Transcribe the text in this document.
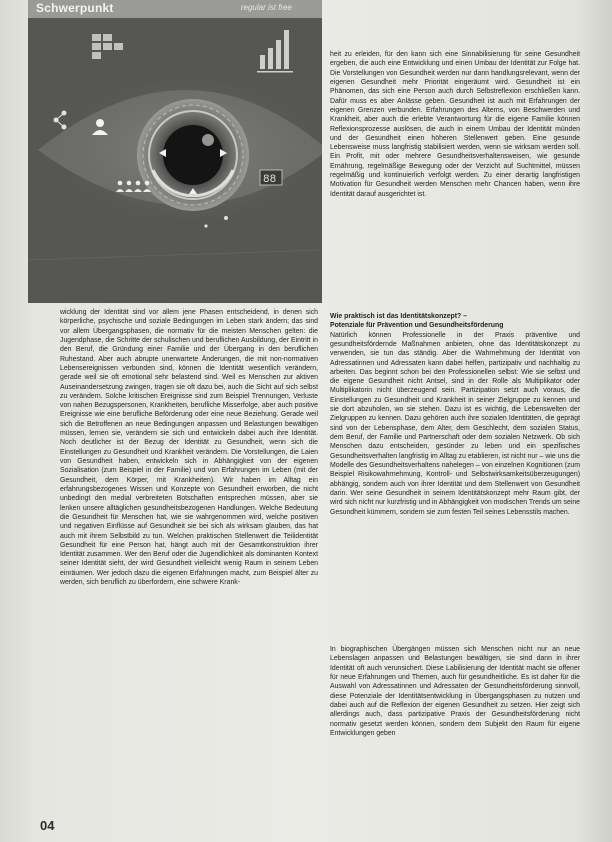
88
Schwerpunkt	regular ist free

heit zu erleiden, für den kann sich eine Sinnabilisierung für seine Gesundheit ergeben, die auch eine Entwicklung und einen Umbau der Identität zur Folge hat. Die Vorstellungen von Gesundheit werden nur dann handlungsrelevant, wenn der eigenen Gesundheit mehr Priorität eingeräumt wird. Gesundheit ist ein Phänomen, das sich eine Person auch durch Selbstreflexion erschließen kann. Dafür muss es aber Anlässe geben. Gesundheit ist auch mit Erfahrungen der eigenen Grenzen verbunden. Erfahrungen des Alterns, von Beschwerden und Krankheit, aber auch die erlebte Verantwortung für die eigene Familie können Reflexionsprozesse auslösen, die auch in einem Umbau der Identität münden und der Gesundheit einen höheren Stellenwert geben. Eine gesunde Lebensweise muss langfristig stabilisiert werden, wenn sie wirksam werden soll. Ein Profit, mit oder mehrere Gesundheitsverhaltensweisen, wie gesunde Ernährung, regelmäßige Bewegung oder der Verzicht auf Suchtmittel, müssen regelmäßig und kontinuierlich verfolgt werden. Zu einer derartig langfristigen Motivation für Gesundheit werden Menschen mehr Chancen haben, wenn ihre Identität darauf ausgerichtet ist.

Wie praktisch ist das Identitätskonzept? –
Potenziale für Prävention und Gesundheitsförderung

Natürlich können Professionelle in der Praxis präventive und gesundheitsfördernde Maßnahmen anbieten, ohne das Identitätskonzept zu verwenden, sie tun das ständig. Aber die Wahrnehmung der Identität von Adressatinnen und Adressaten kann dabei helfen, partizipativ und nachhaltig zu arbeiten. Das beginnt schon bei den Professionellen selbst: Wie sie selbst und die eigene Gesundheit nicht Antsel, sind in der Rolle als Multiplikator oder Multiplikatorin nicht überzeugend sein. Partizipation setzt auch voraus, die Einstellungen zu Gesundheit und Krankheit in seiner Zielgruppe zu kennen und sie dort abzuholen, wo sie stehen. Dazu ist es wichtig, die Lebenswelten der Zielgruppen zu kennen. Dazu gehören auch ihre sozialen Identitäten, die geprägt sind von der Lebensphase, dem Alter, dem Geschlecht, dem sozialen Status, dem Beruf, der Familie und Partnerschaft oder dem sozialen Netzwerk. Ob sich Menschen dazu entscheiden, gesünder zu leben und ein spezifisches Gesundheitsverhalten langfristig im Alltag zu etablieren, ist nicht nur – wie uns die Modelle des Gesundheitsverhaltens nahelegen – von einzelnen Kognitionen (zum Beispiel Risikowahrnehmung, Kontroll- und Selbstwirksamkeitsüberzeugungen) abhängig, sondern auch von ihrer Identität und dem Stellenwert von Gesundheit darin. Wer seine Gesundheit in seinem Identitätskonzept mehr Raum gibt, der wird sich nicht nur kurzfristig und in Abhängigkeit von modischen Trends um seine Gesundheit kümmern, sondern sie zum festen Teil seines Lebensstils machen.

In biographischen Übergängen müssen sich Menschen nicht nur an neue Lebenslagen anpassen und Belastungen bewältigen, sie sind dann in ihrer Identität oft auch verunsichert. Diese Labilisierung der Identität macht sie offener für neue Erfahrungen und Themen, auch für gesundheitliche. Es ist daher für die Auswahl von Adressatinnen und Adressaten der Gesundheitsförderung sinnvoll, diese Potenziale der Identitätsentwicklung in Übergangsphasen zu nutzen und dabei auch auf die Reflexion der eigenen Gesundheit zu setzen. Hier zeigt sich allerdings auch, dass partizipative Praxis der Gesundheitsförderung nicht normativ gesetzt werden können, sondern dem Subjekt den Raum für eigene Entwicklungen geben

wicklung der Identität sind vor allem jene Phasen entscheidend, in denen sich körperliche, psychische und soziale Bedingungen im Leben stark ändern; das sind vor allem Übergangsphasen, die normativ für die meisten Menschen gelten: die Jugendphase, die Schritte der schulischen und beruflichen Ausbildung, der Eintritt in den Beruf, die Gründung einer Familie und der Übergang in den beruflichen Ruhestand. Aber auch abrupte unerwartete Änderungen, die mit non-normativen Lebensereignissen verbunden sind, können die Identität wesentlich verändern, gerade weil sie oft emotional sehr belastend sind. Weil es Menschen zur aktiven Auseinandersetzung zwingen, tragen sie oft dazu bei, auch die Sicht auf sich selbst zu verändern. Solche kritischen Ereignisse sind zum Beispiel Trennungen, Verluste von nahen Bezugspersonen, Krankheiten, berufliche Misserfolge, aber auch positive Ereignisse wie eine berufliche Beförderung oder eine neue Beziehung. Gerade weil sich die Betroffenen an neue Bedingungen anpassen und Belastungen bewältigen müssen, lernen sie, verändern sie sich und entwickeln dabei auch ihre Identität. Noch deutlicher ist der Bezug der Identität zu Gesundheit, wenn sich die Einstellungen zu Gesundheit und Krankheit verändern. Die Vorstellungen, die Laien von Gesundheit haben, entwickeln sich in Abhängigkeit von der eigenen Sozialisation (zum Beispiel in der Familie) und von Erfahrungen im Leben (mit der Gesundheit, dem Körper, mit Krankheiten). Wir haben im Alltag ein erfahrungsbezogenes Wissen und Konzepte von Gesundheit erworben, die nicht unbedingt den medial verbreiteten Botschaften entsprechen müssen, aber sie lenken unsere alltäglichen gesundheitsbezogenen Handlungen. Welche Bedeutung die Gesundheit für Menschen hat, wie sie wahrgenommen wird, welche positiven und negativen Einflüsse auf Gesundheit sie bei sich als wirksam glauben, das hat auch mit ihrem Selbstbild zu tun. Welchen praktischen Stellenwert die Teilidentität Gesundheit für eine Person hat, hängt auch mit der Gesamtkonstruktion ihrer Identität zusammen. Wer den Beruf oder die Jugendlichkeit als dominanten Kontext seiner Identität sieht, der wird Gesundheit vielleicht wenig Raum in seinem Leben einräumen. Wer jedoch dazu die eigenen Erfahrungen macht, zum Beispiel älter zu werden, sich beruflich zu überfordern, eine schwere Krank-

04
